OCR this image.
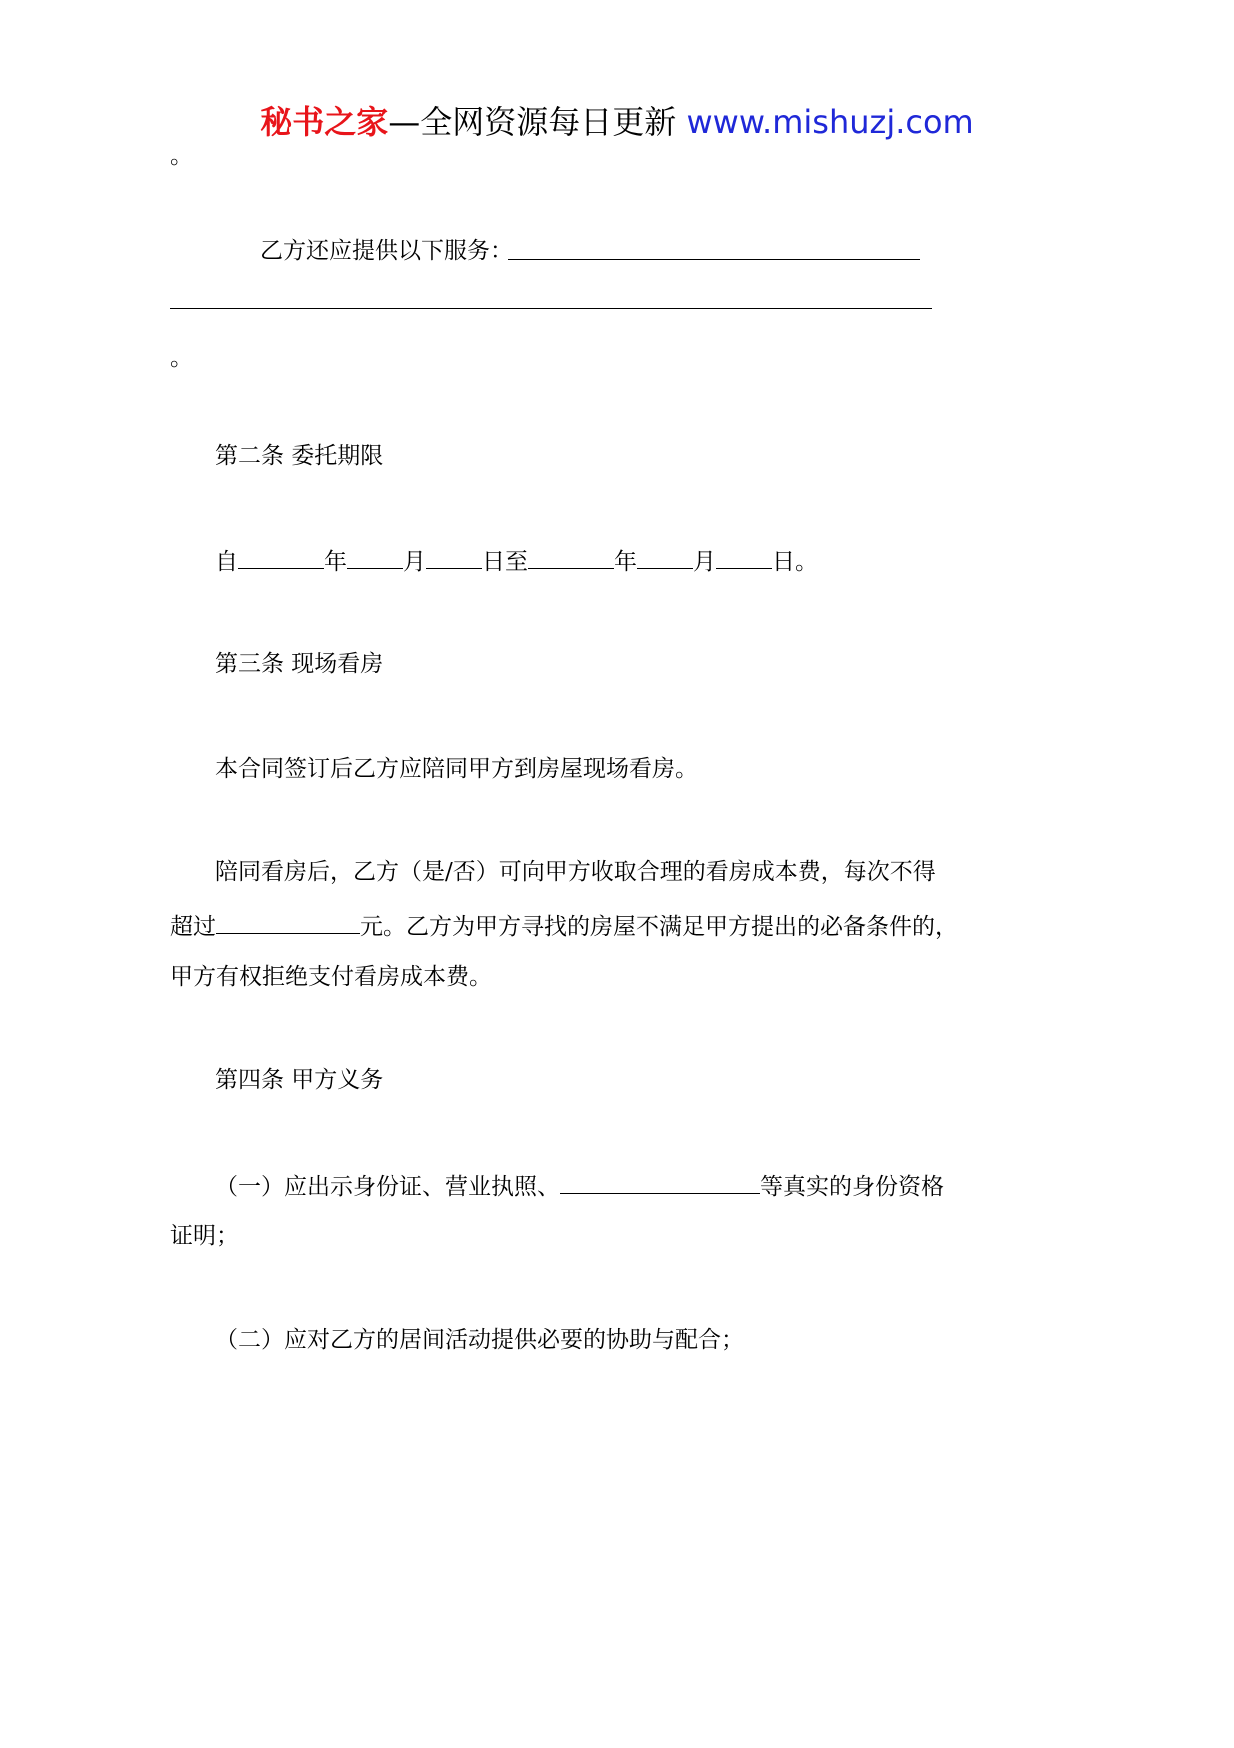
秘书之家—全网资源每日更新 www.mishuzj.com
。
乙方还应提供以下服务：
。
第二条 委托期限
自	年 月 日至	年 月 日。
第三条 现场看房
本合同签订后乙方应陪同甲方到房屋现场看房。
陪同看房后，乙方（是/否）可向甲方收取合理的看房成本费，每次不得
超过	元。乙方为甲方寻找的房屋不满足甲方提出的必备条件的，
甲方有权拒绝支付看房成本费。
第四条 甲方义务
（一）应出示身份证、营业执照、	等真实的身份资格
证明；
（二）应对乙方的居间活动提供必要的协助与配合；
